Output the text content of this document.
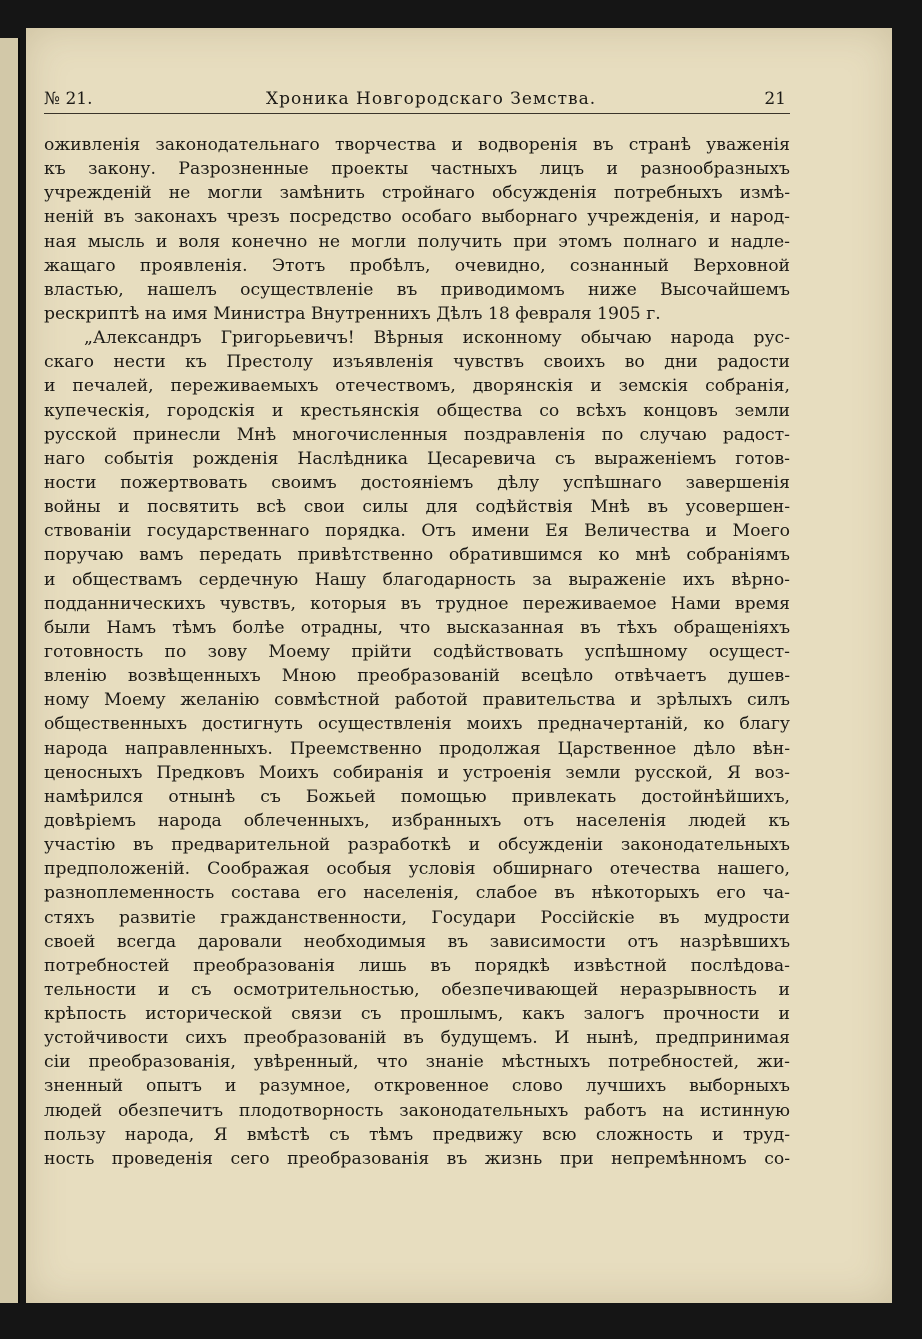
№ 21.	Хроника Новгородскаго Земства.	21
оживленія законодательнаго творчества и водворенія въ странѣ уваженія
къ закону. Разрозненные проекты частныхъ лицъ и разнообразныхъ
учрежденій не могли замѣнить стройнаго обсужденія потребныхъ измѣ-
неній въ законахъ чрезъ посредство особаго выборнаго учрежденія, и народ-
ная мысль и воля конечно не могли получить при этомъ полнаго и надле-
жащаго проявленія. Этотъ пробѣлъ, очевидно, сознанный Верховной
властью, нашелъ осуществленіе въ приводимомъ ниже Высочайшемъ
рескриптѣ на имя Министра Внутреннихъ Дѣлъ 18 февраля 1905 г.
„Александръ Григорьевичъ! Вѣрныя исконному обычаю народа рус-
скаго нести къ Престолу изъявленія чувствъ своихъ во дни радости
и печалей, переживаемыхъ отечествомъ, дворянскія и земскія собранія,
купеческія, городскія и крестьянскія общества со всѣхъ концовъ земли
русской принесли Мнѣ многочисленныя поздравленія по случаю радост-
наго событія рожденія Наслѣдника Цесаревича съ выраженіемъ готов-
ности пожертвовать своимъ достояніемъ дѣлу успѣшнаго завершенія
войны и посвятить всѣ свои силы для содѣйствія Мнѣ въ усовершен-
ствованіи государственнаго порядка. Отъ имени Ея Величества и Моего
поручаю вамъ передать привѣтственно обратившимся ко мнѣ собраніямъ
и обществамъ сердечную Нашу благодарность за выраженіе ихъ вѣрно-
подданническихъ чувствъ, которыя въ трудное переживаемое Нами время
были Намъ тѣмъ болѣе отрадны, что высказанная въ тѣхъ обращеніяхъ
готовность по зову Моему прійти содѣйствовать успѣшному осущест-
вленію возвѣщенныхъ Мною преобразованій всецѣло отвѣчаетъ душев-
ному Моему желанію совмѣстной работой правительства и зрѣлыхъ силъ
общественныхъ достигнуть осуществленія моихъ предначертаній, ко благу
народа направленныхъ. Преемственно продолжая Царственное дѣло вѣн-
ценосныхъ Предковъ Моихъ собиранія и устроенія земли русской, Я воз-
намѣрился отнынѣ съ Божьей помощью привлекать достойнѣйшихъ,
довѣріемъ народа облеченныхъ, избранныхъ отъ населенія людей къ
участію въ предварительной разработкѣ и обсужденіи законодательныхъ
предположеній. Соображая особыя условія обширнаго отечества нашего,
разноплеменность состава его населенія, слабое въ нѣкоторыхъ его ча-
стяхъ развитіе гражданственности, Государи Россійскіе въ мудрости
своей всегда даровали необходимыя въ зависимости отъ назрѣвшихъ
потребностей преобразованія лишь въ порядкѣ извѣстной послѣдова-
тельности и съ осмотрительностью, обезпечивающей неразрывность и
крѣпость исторической связи съ прошлымъ, какъ залогъ прочности и
устойчивости сихъ преобразованій въ будущемъ. И нынѣ, предпринимая
сіи преобразованія, увѣренный, что знаніе мѣстныхъ потребностей, жи-
зненный опытъ и разумное, откровенное слово лучшихъ выборныхъ
людей обезпечитъ плодотворность законодательныхъ работъ на истинную
пользу народа, Я вмѣстѣ съ тѣмъ предвижу всю сложность и труд-
ность проведенія сего преобразованія въ жизнь при непремѣнномъ со-
